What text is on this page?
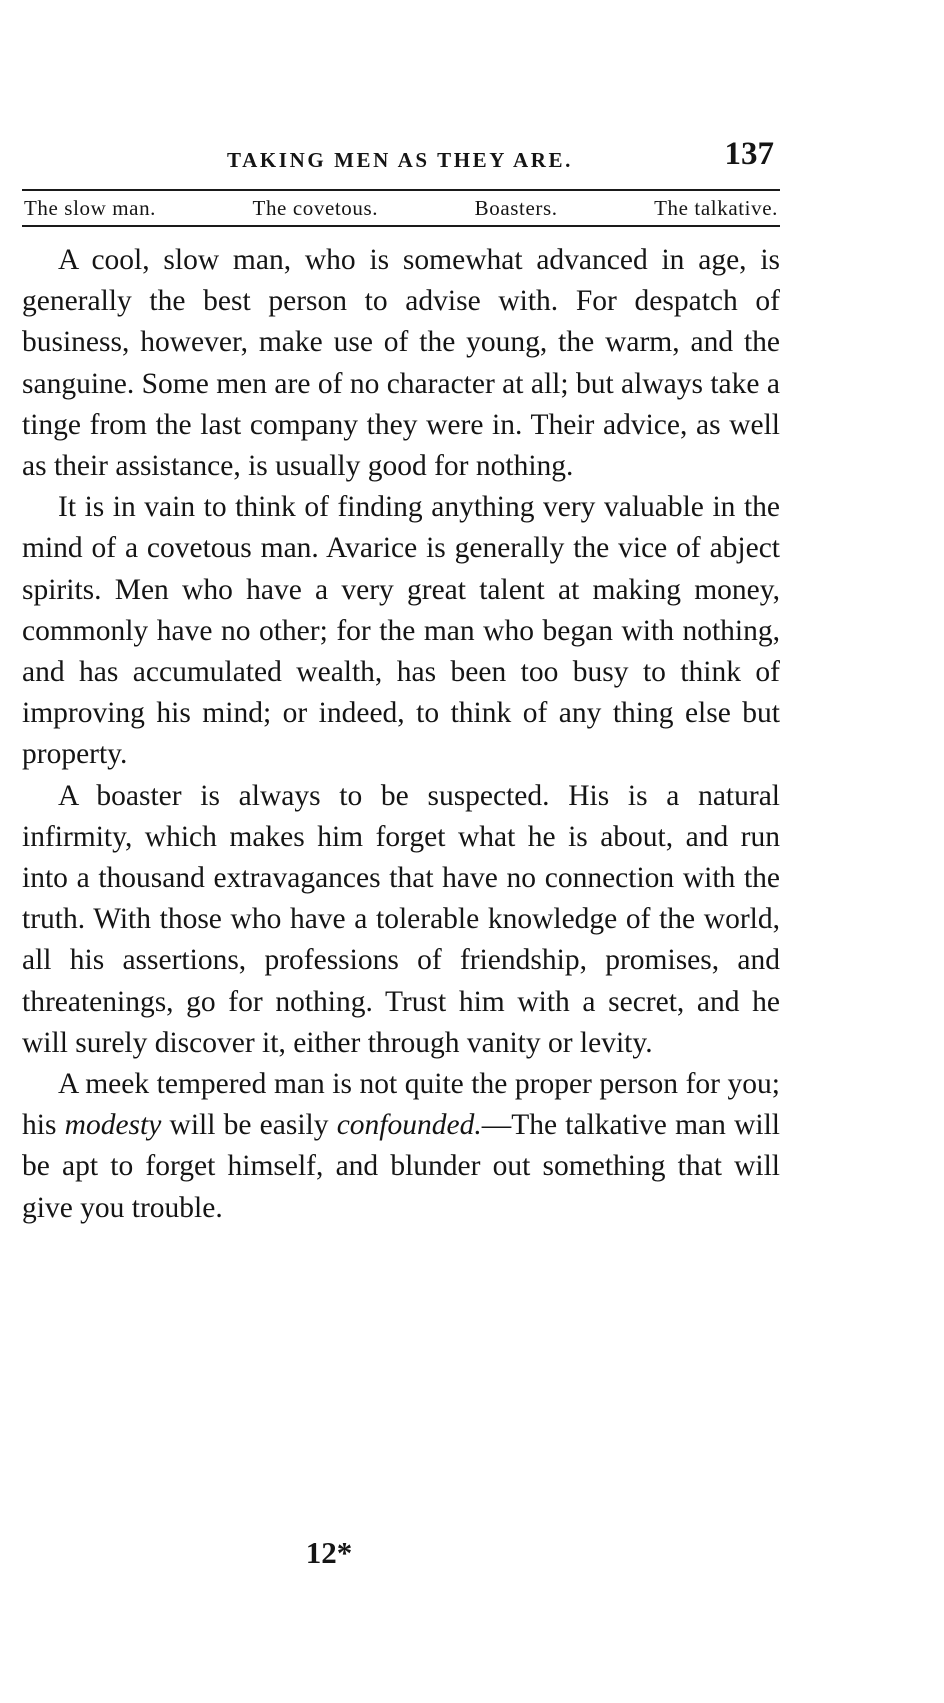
TAKING MEN AS THEY ARE.	137
The slow man.	The covetous.	Boasters.	The talkative.

A cool, slow man, who is somewhat advanced in age, is generally the best person to advise with. For despatch of business, however, make use of the young, the warm, and the sanguine. Some men are of no character at all; but always take a tinge from the last company they were in. Their advice, as well as their assistance, is usually good for nothing.

It is in vain to think of finding anything very valuable in the mind of a covetous man. Avarice is generally the vice of abject spirits. Men who have a very great talent at making money, commonly have no other; for the man who began with nothing, and has accumulated wealth, has been too busy to think of improving his mind; or indeed, to think of any thing else but property.

A boaster is always to be suspected. His is a natural infirmity, which makes him forget what he is about, and run into a thousand extravagances that have no connection with the truth. With those who have a tolerable knowledge of the world, all his assertions, professions of friendship, promises, and threatenings, go for nothing. Trust him with a secret, and he will surely discover it, either through vanity or levity.

A meek tempered man is not quite the proper person for you; his modesty will be easily confounded.—The talkative man will be apt to forget himself, and blunder out something that will give you trouble.

12*
